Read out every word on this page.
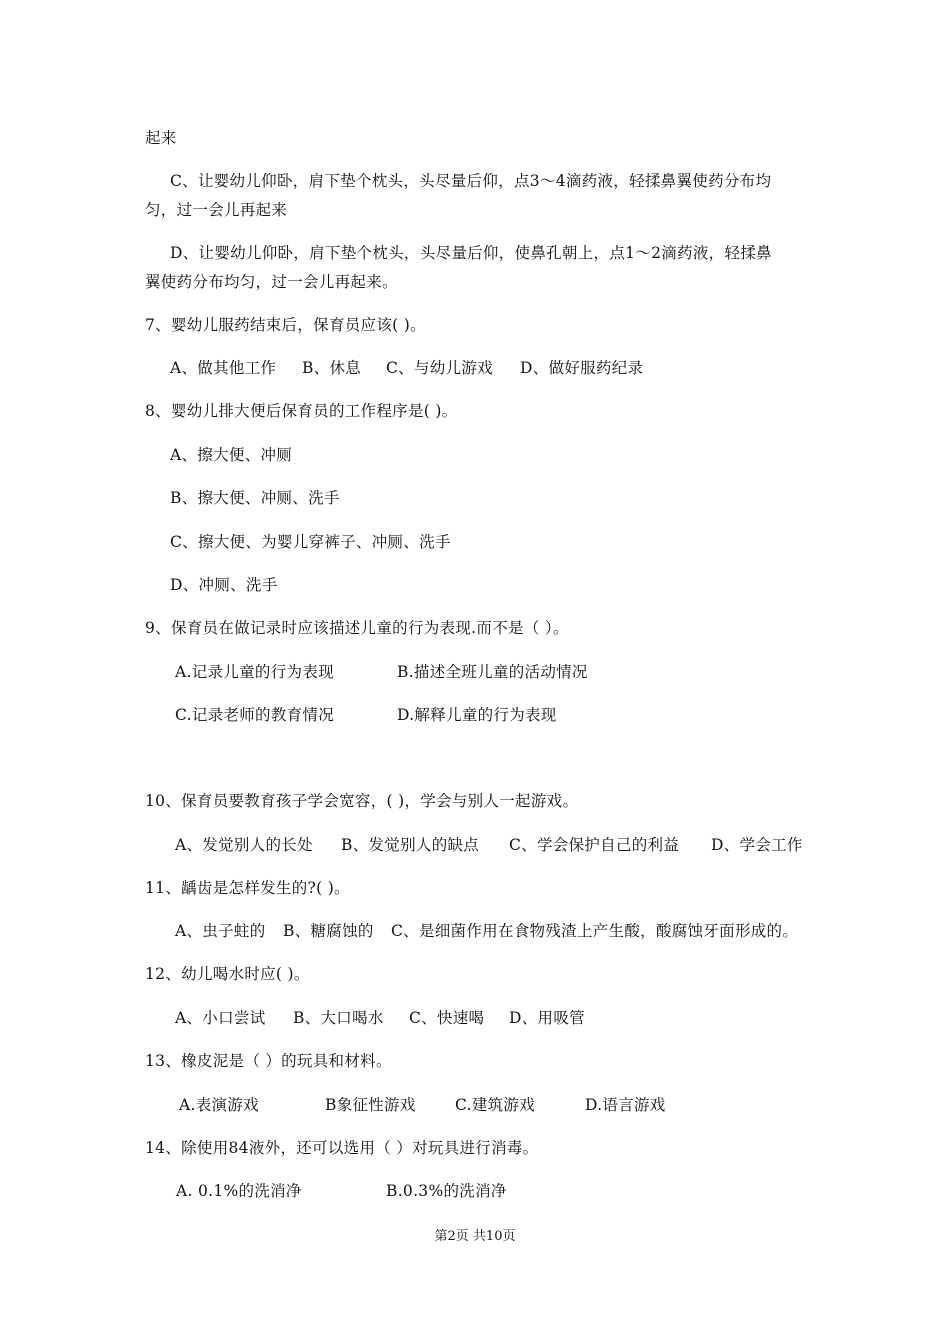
起来
C、让婴幼儿仰卧，肩下垫个枕头，头尽量后仰，点3～4滴药液，轻揉鼻翼使药分布均
匀，过一会儿再起来
D、让婴幼儿仰卧，肩下垫个枕头，头尽量后仰，使鼻孔朝上，点1～2滴药液，轻揉鼻
翼使药分布均匀，过一会儿再起来。
7、婴幼儿服药结束后，保育员应该( )。
A、做其他工作 B、休息 C、与幼儿游戏 D、做好服药纪录
8、婴幼儿排大便后保育员的工作程序是( )。
A、擦大便、冲厕
B、擦大便、冲厕、洗手
C、擦大便、为婴儿穿裤子、冲厕、洗手
D、冲厕、洗手
9、保育员在做记录时应该描述儿童的行为表现.而不是（ ）。
A.记录儿童的行为表现	B.描述全班儿童的活动情况
C.记录老师的教育情况	D.解释儿童的行为表现
10、保育员要教育孩子学会宽容，( )，学会与别人一起游戏。
A、发觉别人的长处 B、发觉别人的缺点 C、学会保护自己的利益 D、学会工作
11、龋齿是怎样发生的?( )。
A、虫子蛀的 B、糖腐蚀的 C、是细菌作用在食物残渣上产生酸，酸腐蚀牙面形成的。
12、幼儿喝水时应( )。
A、小口尝试 B、大口喝水 C、快速喝 D、用吸管
13、橡皮泥是（ ）的玩具和材料。
A.表演游戏	B象征性游戏	C.建筑游戏	D.语言游戏
14、除使用84液外，还可以选用（ ）对玩具进行消毒。
A. 0.1%的洗消净	B.0.3%的洗消净
第2页 共10页
